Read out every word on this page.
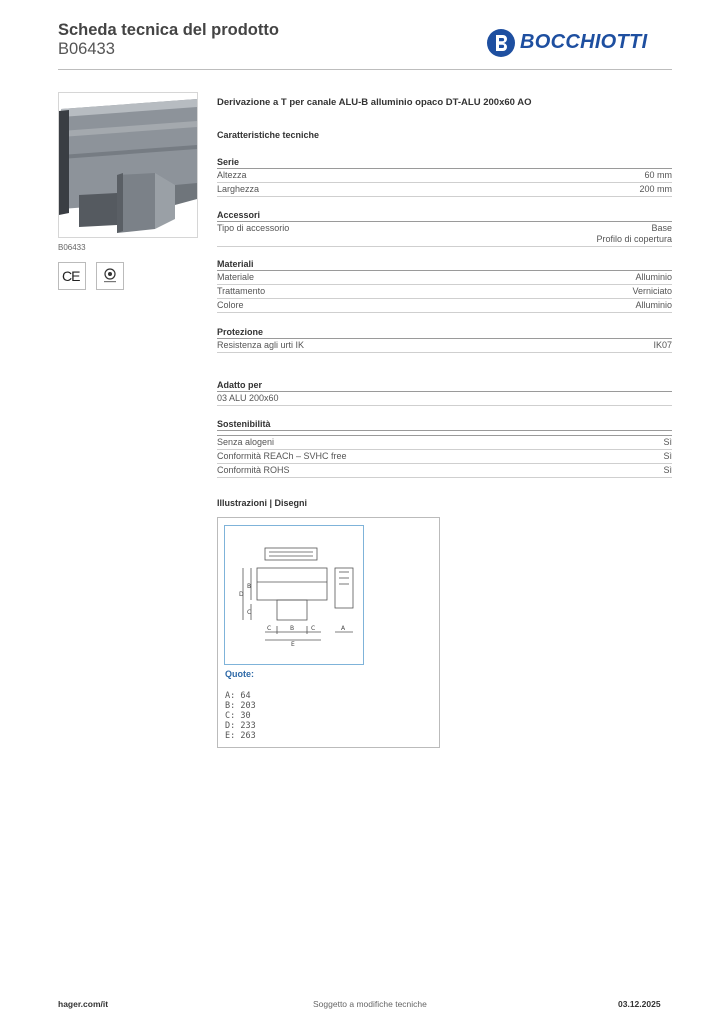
Scheda tecnica del prodotto
B06433	BOCCHIOTTI
B06433
CE
Derivazione a T per canale ALU-B alluminio opaco DT-ALU 200x60 AO
Caratteristiche tecniche
Serie
Altezza	60 mm
Larghezza	200 mm
Accessori
Tipo di accessorio	Base
Profilo di copertura
Materiali
Materiale	Alluminio
Trattamento	Verniciato
Colore	Alluminio
Protezione
Resistenza agli urti IK	IK07
Adatto per
03 ALU 200x60
Sostenibilità
Senza alogeni	Sì
Conformità REACh – SVHC free	Sì
Conformità ROHS	Sì
Illustrazioni | Disegni
D
B
C
C	B	C	A
E
Quote:
A: 64
B: 203
C: 30
D: 233
E: 263
hager.com/it	Soggetto a modifiche tecniche	03.12.2025
